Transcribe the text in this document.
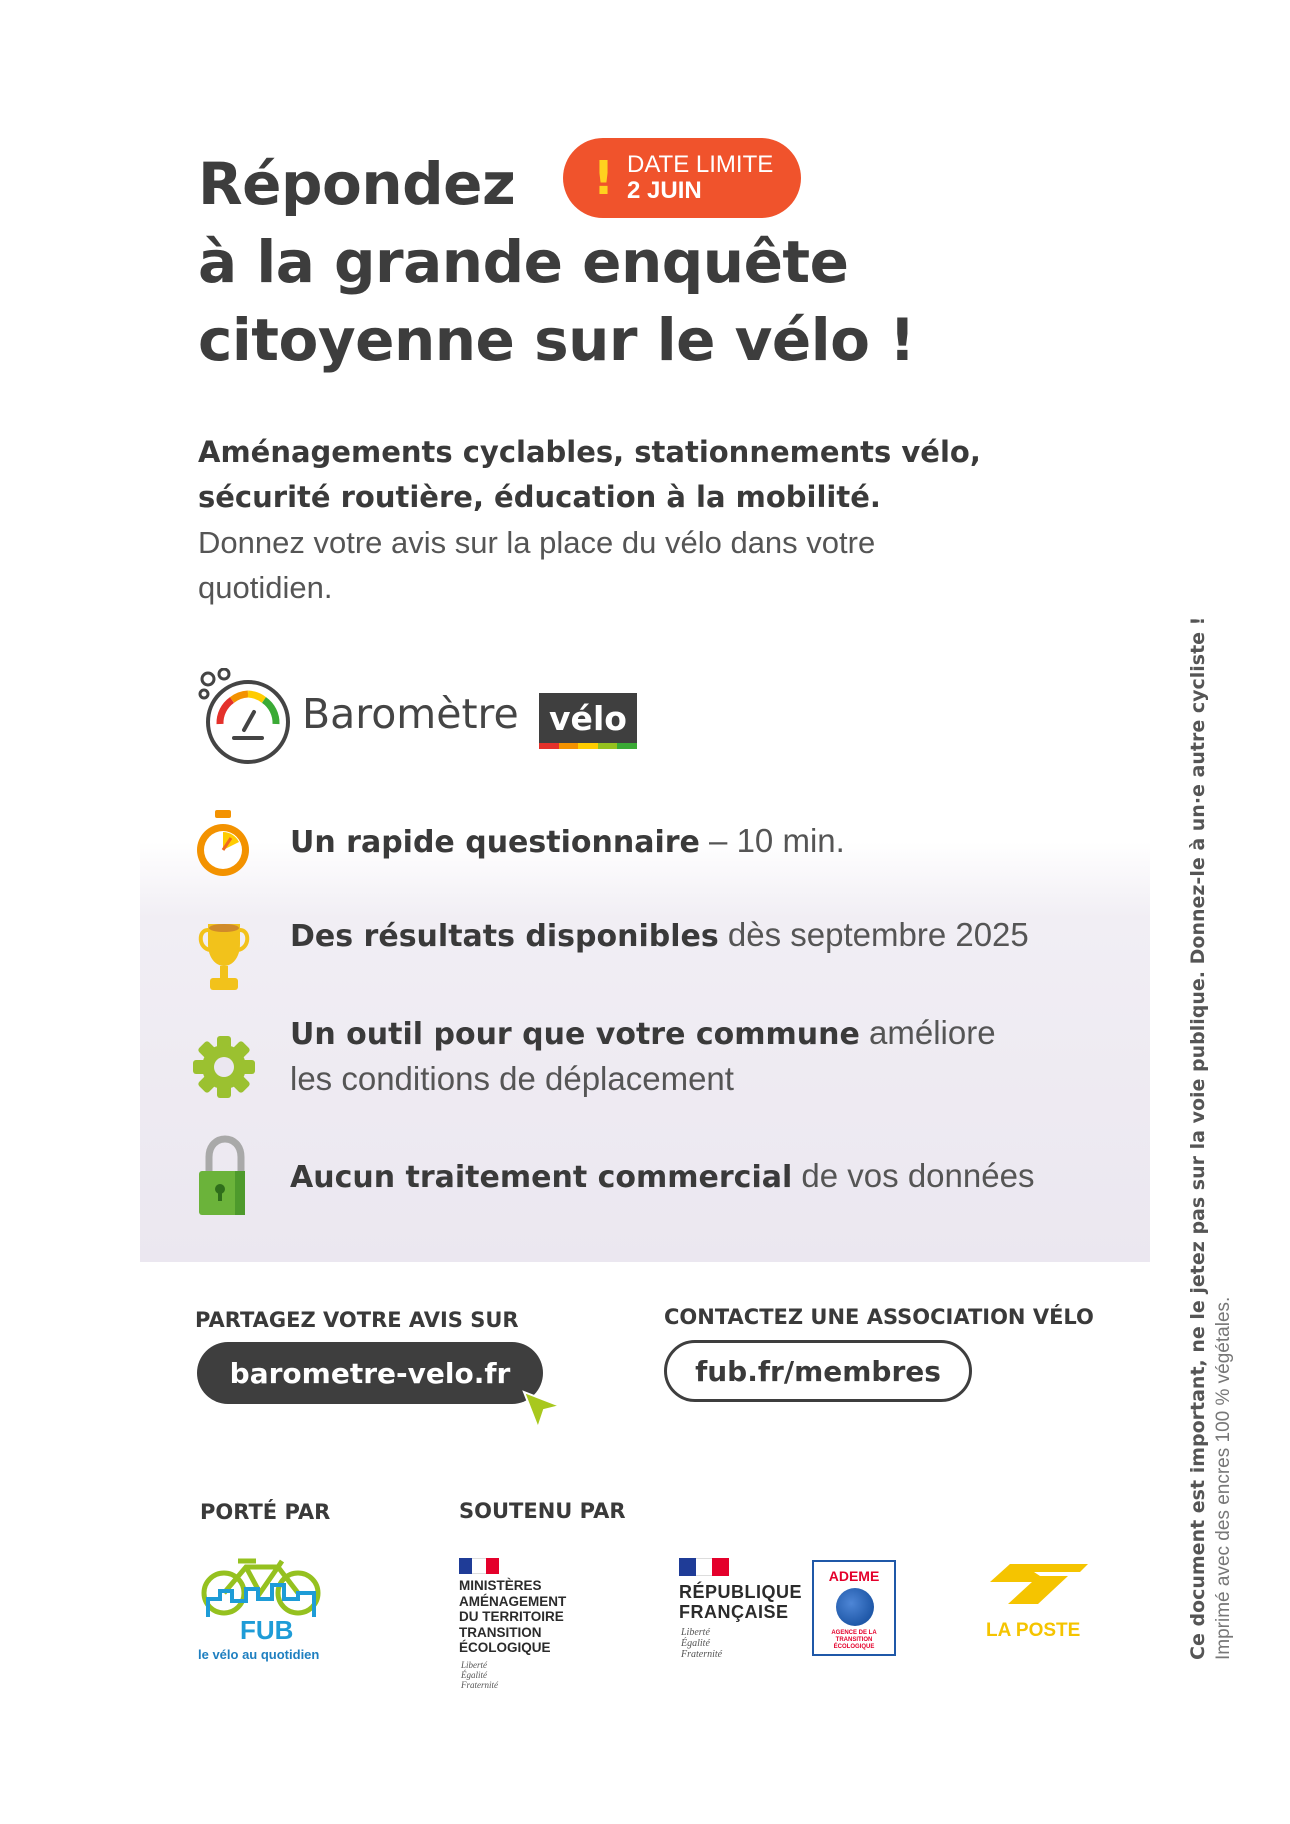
Répondez
à la grande enquête
citoyenne sur le vélo !
! DATE LIMITE
2 JUIN
Aménagements cyclables, stationnements vélo,
sécurité routière, éducation à la mobilité.
Donnez votre avis sur la place du vélo dans votre
quotidien.
Baromètre vélo
Un rapide questionnaire – 10 min.
Des résultats disponibles dès septembre 2025
Un outil pour que votre commune améliore
les conditions de déplacement
Aucun traitement commercial de vos données
PARTAGEZ VOTRE AVIS SUR
barometre-velo.fr
CONTACTEZ UNE ASSOCIATION VÉLO
fub.fr/membres
PORTÉ PAR	SOUTENU PAR
FUB
le vélo au quotidien
MINISTÈRES
AMÉNAGEMENT
DU TERRITOIRE
TRANSITION
ÉCOLOGIQUE
Liberté
Égalité
Fraternité
RÉPUBLIQUE
FRANÇAISE
Liberté
Égalité
Fraternité
ADEME
AGENCE DE LA
TRANSITION
ÉCOLOGIQUE
LA POSTE	Ce document est important, ne le jetez pas sur la voie publique. Donnez-le à un·e autre cycliste ! Imprimé avec des encres 100 % végétales.
